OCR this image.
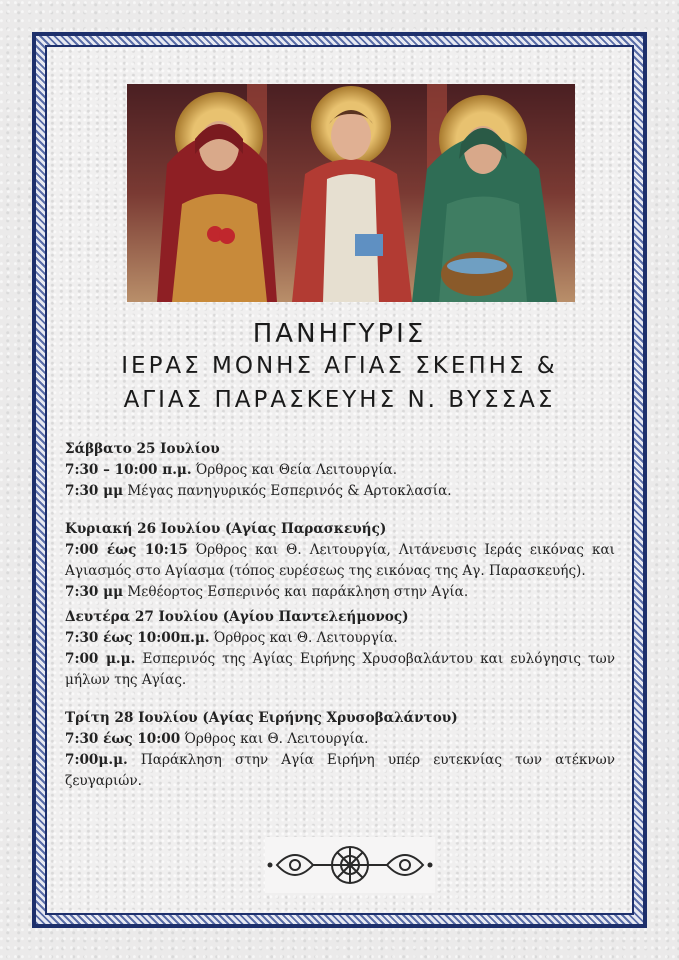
ΠΑΝΗΓΥΡΙΣ
ΙΕΡΑΣ ΜΟΝΗΣ ΑΓΙΑΣ ΣΚΕΠΗΣ &
ΑΓΙΑΣ ΠΑΡΑΣΚΕΥΗΣ Ν. ΒΥΣΣΑΣ
Σάββατο 25 Ιουλίου
7:30 – 10:00 π.μ. Όρθρος και Θεία Λειτουργία.
7:30 μμ Μέγας πανηγυρικός Εσπερινός & Αρτοκλασία.
Κυριακή 26 Ιουλίου (Αγίας Παρασκευής)
7:00 έως 10:15 Όρθρος και Θ. Λειτουργία, Λιτάνευσις Ιεράς εικόνας και Αγιασμός στο Αγίασμα (τόπος ευρέσεως της εικόνας της Αγ. Παρασκευής).
7:30 μμ Μεθέορτος Εσπερινός και παράκληση στην Αγία.
Δευτέρα 27 Ιουλίου (Αγίου Παντελεήμονος)
7:30 έως 10:00π.μ. Όρθρος και Θ. Λειτουργία.
7:00 μ.μ. Εσπερινός της Αγίας Ειρήνης Χρυσοβαλάντου και ευλόγησις των μήλων της Αγίας.
Τρίτη 28 Ιουλίου (Αγίας Ειρήνης Χρυσοβαλάντου)
7:30 έως 10:00 Όρθρος και Θ. Λειτουργία.
7:00μ.μ. Παράκληση στην Αγία Ειρήνη υπέρ ευτεκνίας των ατέκνων ζευγαριών.
